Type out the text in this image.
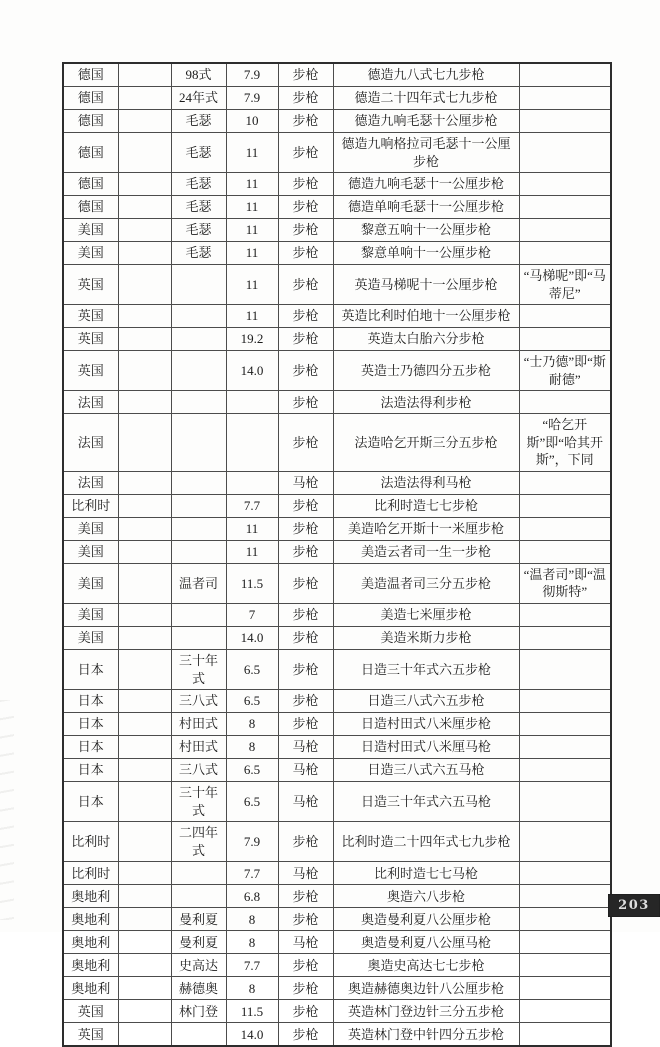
德国		98式	7.9	步枪	德造九八式七九步枪	
德国		24年式	7.9	步枪	德造二十四年式七九步枪	
德国		毛瑟	10	步枪	德造九响毛瑟十公厘步枪	
德国		毛瑟	11	步枪	德造九响格拉司毛瑟十一公厘步枪	
德国		毛瑟	11	步枪	德造九响毛瑟十一公厘步枪	
德国		毛瑟	11	步枪	德造单响毛瑟十一公厘步枪	
美国		毛瑟	11	步枪	黎意五响十一公厘步枪	
美国		毛瑟	11	步枪	黎意单响十一公厘步枪	
英国			11	步枪	英造马梯呢十一公厘步枪	“马梯呢”即“马蒂尼”
英国			11	步枪	英造比利时伯地十一公厘步枪	
英国			19.2	步枪	英造太白胎六分步枪	
英国			14.0	步枪	英造士乃德四分五步枪	“士乃德”即“斯耐德”
法国				步枪	法造法得利步枪	
法国				步枪	法造哈乞开斯三分五步枪	“哈乞开斯”即“哈其开斯”，下同
法国				马枪	法造法得利马枪	
比利时			7.7	步枪	比利时造七七步枪	
美国			11	步枪	美造哈乞开斯十一米厘步枪	
美国			11	步枪	美造云者司一生一步枪	
美国		温者司	11.5	步枪	美造温者司三分五步枪	“温者司”即“温彻斯特”
美国			7	步枪	美造七米厘步枪	
美国			14.0	步枪	美造米斯力步枪	
日本		三十年式	6.5	步枪	日造三十年式六五步枪	
日本		三八式	6.5	步枪	日造三八式六五步枪	
日本		村田式	8	步枪	日造村田式八米厘步枪	
日本		村田式	8	马枪	日造村田式八米厘马枪	
日本		三八式	6.5	马枪	日造三八式六五马枪	
日本		三十年式	6.5	马枪	日造三十年式六五马枪	
比利时		二四年式	7.9	步枪	比利时造二十四年式七九步枪	
比利时			7.7	马枪	比利时造七七马枪	
奥地利			6.8	步枪	奥造六八步枪	
奥地利		曼利夏	8	步枪	奥造曼利夏八公厘步枪	
奥地利		曼利夏	8	马枪	奥造曼利夏八公厘马枪	
奥地利		史高达	7.7	步枪	奥造史高达七七步枪	
奥地利		赫德奥	8	步枪	奥造赫德奥边针八公厘步枪	
英国		林门登	11.5	步枪	英造林门登边针三分五步枪	
英国			14.0	步枪	英造林门登中针四分五步枪	
203
